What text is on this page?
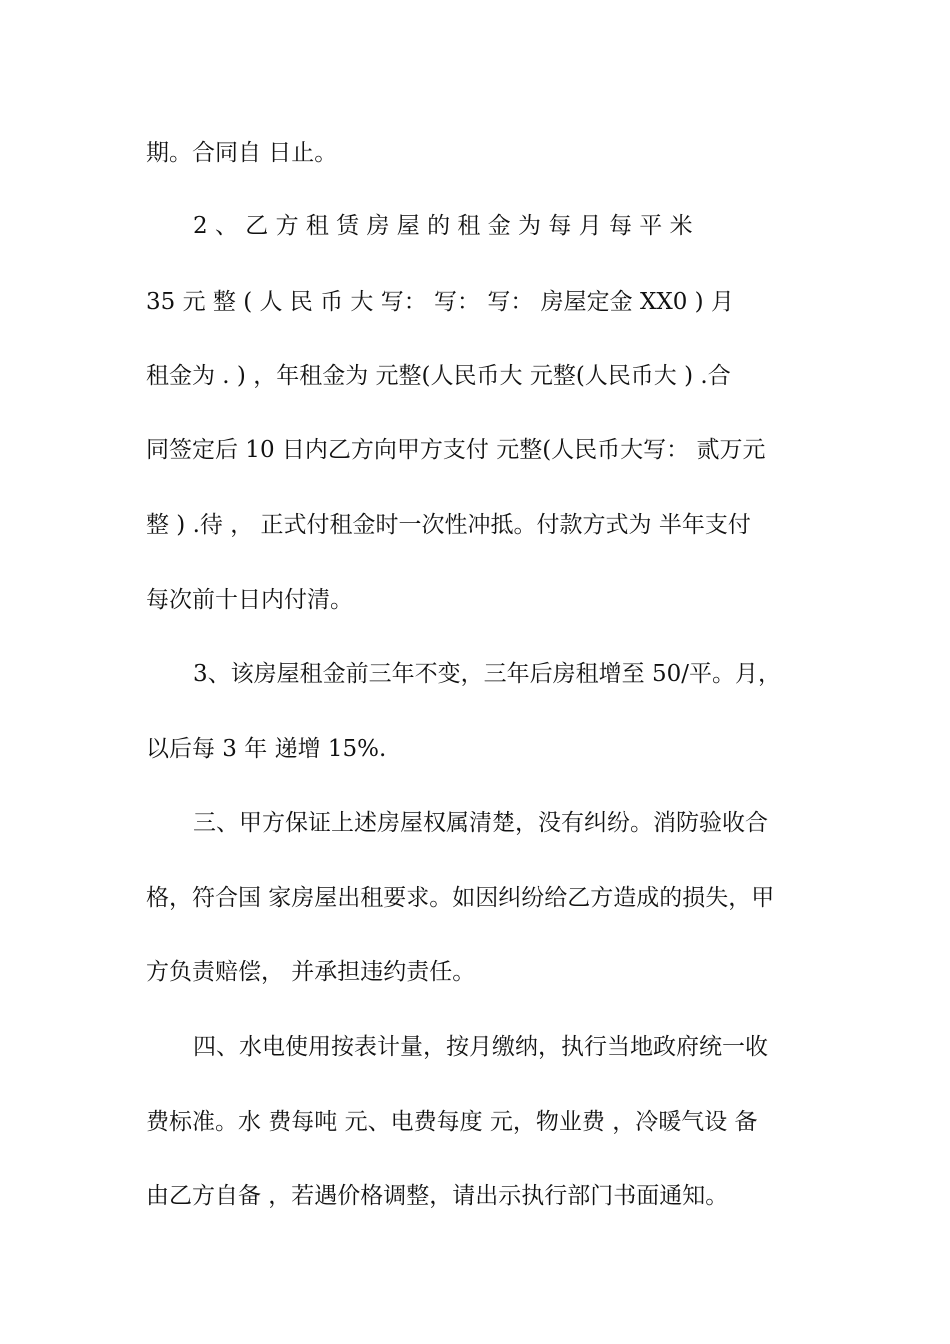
期。合同自 日止。
2 、 乙 方 租 赁 房 屋 的 租 金 为 每 月 每 平 米
35 元 整 ( 人 民 币 大 写： 写： 写： 房屋定金 XX0 ) 月
租金为 . ) ，年租金为 元整(人民币大 元整(人民币大 ) .合
同签定后 10 日内乙方向甲方支付 元整(人民币大写： 贰万元
整 ) .待 ， 正式付租金时一次性冲抵。付款方式为 半年支付
每次前十日内付清。
3、该房屋租金前三年不变，三年后房租增至 50/平。月，
以后每 3 年 递增 15%.
三、甲方保证上述房屋权属清楚，没有纠纷。消防验收合
格，符合国 家房屋出租要求。如因纠纷给乙方造成的损失，甲
方负责赔偿， 并承担违约责任。
四、水电使用按表计量，按月缴纳，执行当地政府统一收
费标准。水 费每吨 元、电费每度 元，物业费 ，冷暖气设 备
由乙方自备 ，若遇价格调整，请出示执行部门书面通知。
